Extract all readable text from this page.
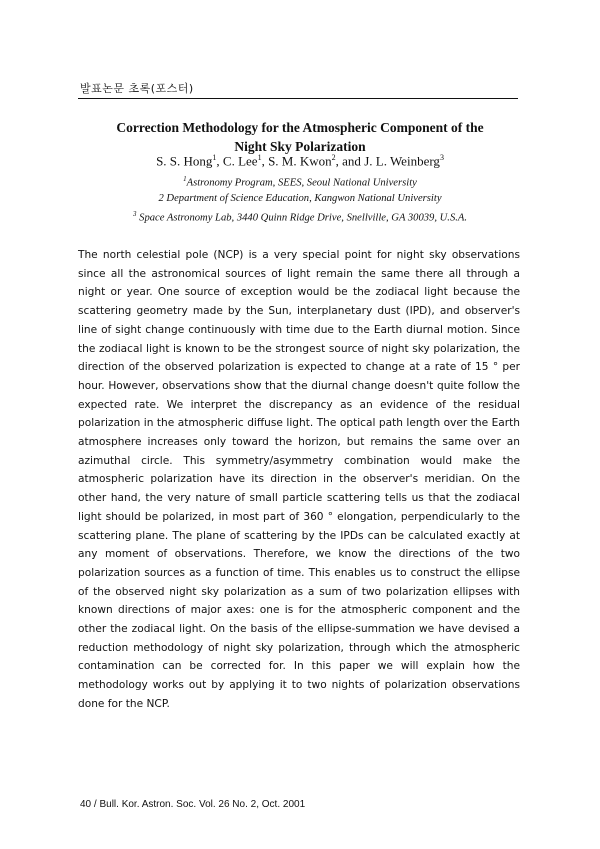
발표논문 초록(포스터)
Correction Methodology for the Atmospheric Component of the
Night Sky Polarization
S. S. Hong$^1$, C. Lee$^1$, S. M. Kwon$^2$, and J. L. Weinberg$^3$
$^1$Astronomy Program, SEES, Seoul National University
2 Department of Science Education, Kangwon National University
$^3$ Space Astronomy Lab, 3440 Quinn Ridge Drive, Snellville, GA 30039, U.S.A.

The north celestial pole (NCP) is a very special point for night sky observations since all the astronomical sources of light remain the same there all through a night or year. One source of exception would be the zodiacal light because the scattering geometry made by the Sun, interplanetary dust (IPD), and observer's line of sight change continuously with time due to the Earth diurnal motion. Since the zodiacal light is known to be the strongest source of night sky polarization, the direction of the observed polarization is expected to change at a rate of 15 ° per hour. However, observations show that the diurnal change doesn't quite follow the expected rate. We interpret the discrepancy as an evidence of the residual polarization in the atmospheric diffuse light. The optical path length over the Earth atmosphere increases only toward the horizon, but remains the same over an azimuthal circle. This symmetry/asymmetry combination would make the atmospheric polarization have its direction in the observer's meridian. On the other hand, the very nature of small particle scattering tells us that the zodiacal light should be polarized, in most part of 360 ° elongation, perpendicularly to the scattering plane. The plane of scattering by the IPDs can be calculated exactly at any moment of observations. Therefore, we know the directions of the two polarization sources as a function of time. This enables us to construct the ellipse of the observed night sky polarization as a sum of two polarization ellipses with known directions of major axes: one is for the atmospheric component and the other the zodiacal light. On the basis of the ellipse-summation we have devised a reduction methodology of night sky polarization, through which the atmospheric contamination can be corrected for. In this paper we will explain how the methodology works out by applying it to two nights of polarization observations done for the NCP.

40 / Bull. Kor. Astron. Soc. Vol. 26 No. 2, Oct. 2001
